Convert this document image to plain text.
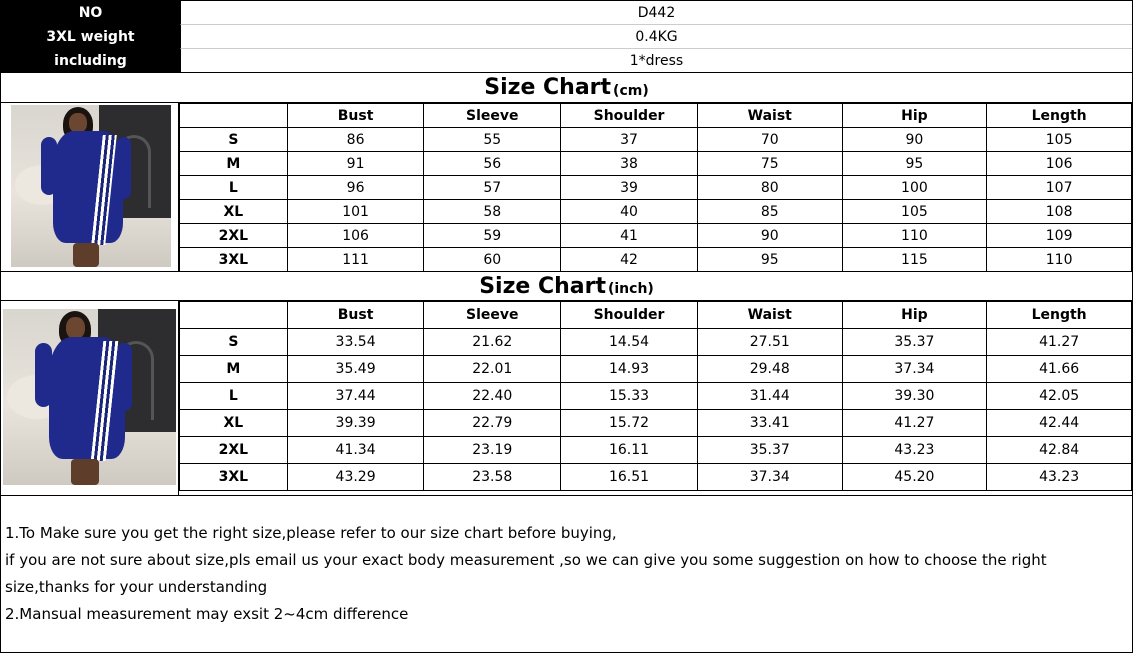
NO	D442
3XL weight	0.4KG
including	1*dress
Size Chart (cm)
	Bust	Sleeve	Shoulder	Waist	Hip	Length
S	86	55	37	70	90	105
M	91	56	38	75	95	106
L	96	57	39	80	100	107
XL	101	58	40	85	105	108
2XL	106	59	41	90	110	109
3XL	111	60	42	95	115	110
Size Chart (inch)
	Bust	Sleeve	Shoulder	Waist	Hip	Length
S	33.54	21.62	14.54	27.51	35.37	41.27
M	35.49	22.01	14.93	29.48	37.34	41.66
L	37.44	22.40	15.33	31.44	39.30	42.05
XL	39.39	22.79	15.72	33.41	41.27	42.44
2XL	41.34	23.19	16.11	35.37	43.23	42.84
3XL	43.29	23.58	16.51	37.34	45.20	43.23

1.To Make sure you get the right size,please refer to our size chart before buying,

if you are not sure about size,pls email us your exact body measurement ,so we can give you some suggestion on how to choose the right size,thanks for your understanding

2.Mansual measurement may exsit 2~4cm difference
